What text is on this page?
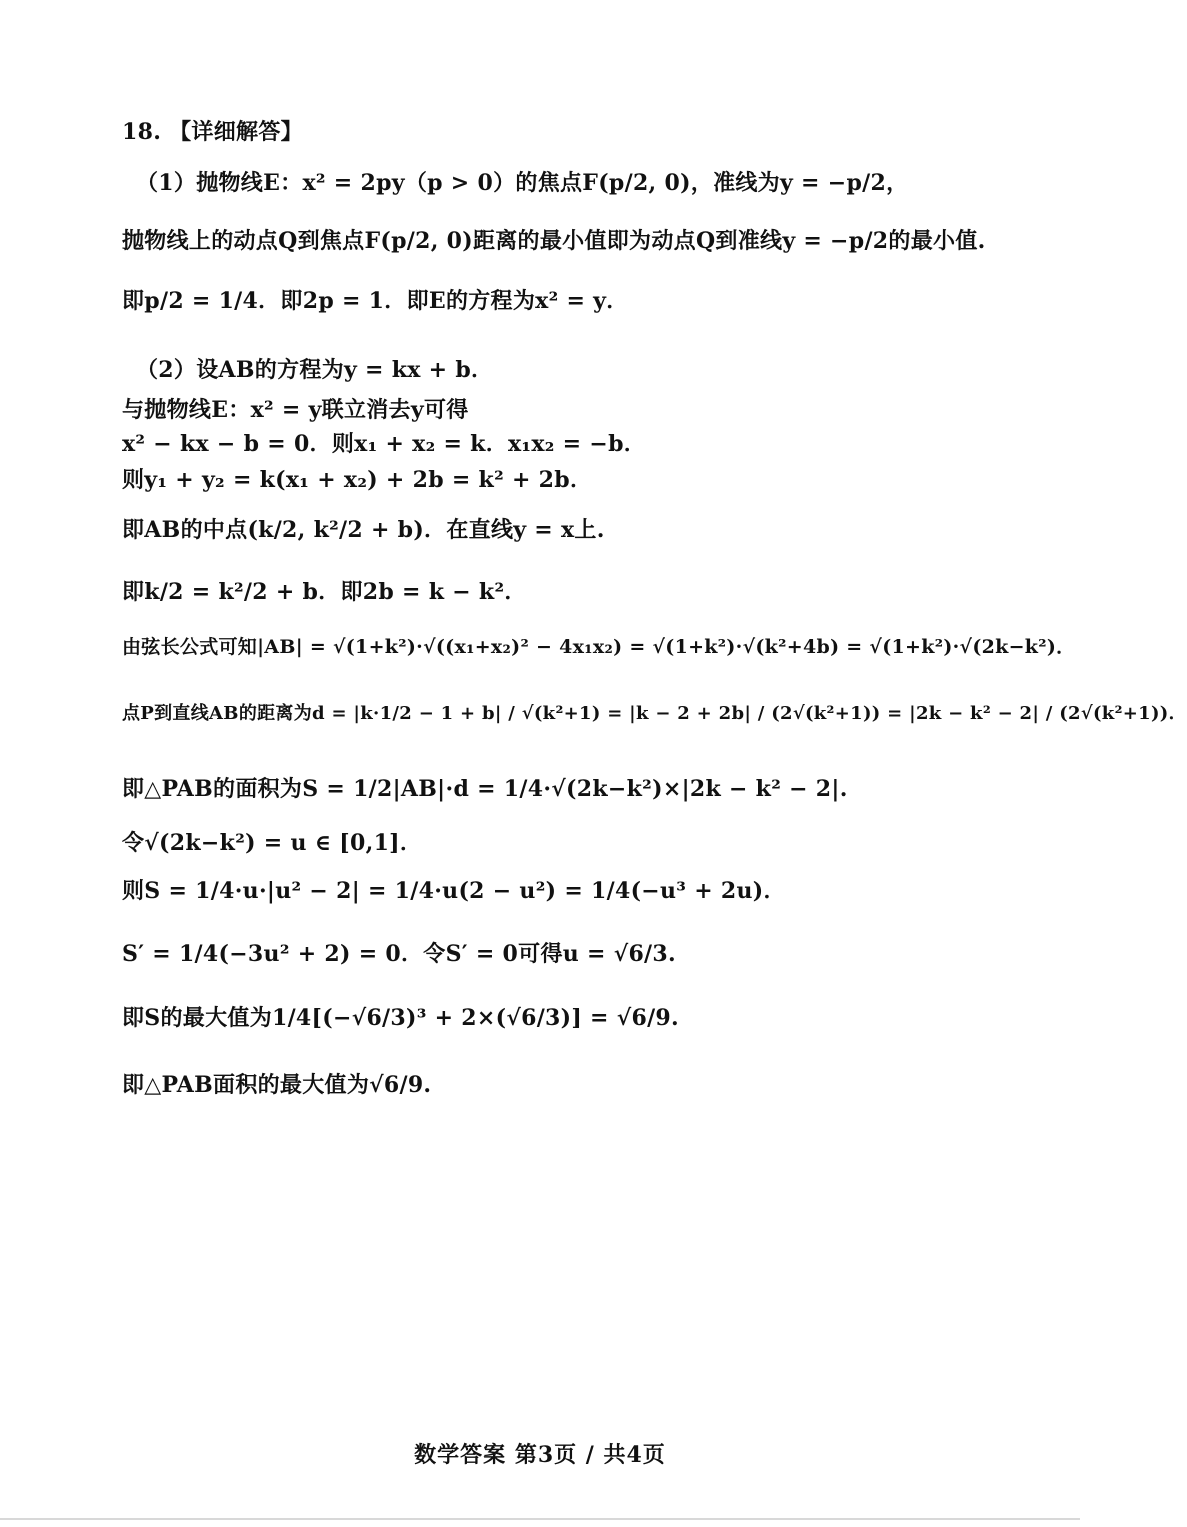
18. 【详细解答】
（1）抛物线E：x² = 2py（p > 0）的焦点F(p/2, 0)，准线为y = −p/2，
抛物线上的动点Q到焦点F(p/2, 0)距离的最小值即为动点Q到准线y = −p/2的最小值.
即p/2 = 1/4．即2p = 1．即E的方程为x² = y．
（2）设AB的方程为y = kx + b．
与抛物线E：x² = y联立消去y可得
x² − kx − b = 0．则x₁ + x₂ = k．x₁x₂ = −b．
则y₁ + y₂ = k(x₁ + x₂) + 2b = k² + 2b．
即AB的中点(k/2, k²/2 + b)．在直线y = x上.
即k/2 = k²/2 + b．即2b = k − k²．
由弦长公式可知|AB| = √(1+k²)·√((x₁+x₂)² − 4x₁x₂) = √(1+k²)·√(k²+4b) = √(1+k²)·√(2k−k²)．
点P到直线AB的距离为d = |k·1/2 − 1 + b| / √(k²+1) = |k − 2 + 2b| / (2√(k²+1)) = |2k − k² − 2| / (2√(k²+1))．
即△PAB的面积为S = 1/2|AB|·d = 1/4·√(2k−k²)×|2k − k² − 2|.
令√(2k−k²) = u ∈ [0,1]．
则S = 1/4·u·|u² − 2| = 1/4·u(2 − u²) = 1/4(−u³ + 2u)．
S′ = 1/4(−3u² + 2) = 0．令S′ = 0可得u = √6/3.
即S的最大值为1/4[(−√6/3)³ + 2×(√6/3)] = √6/9.
即△PAB面积的最大值为√6/9.
数学答案 第3页 / 共4页
